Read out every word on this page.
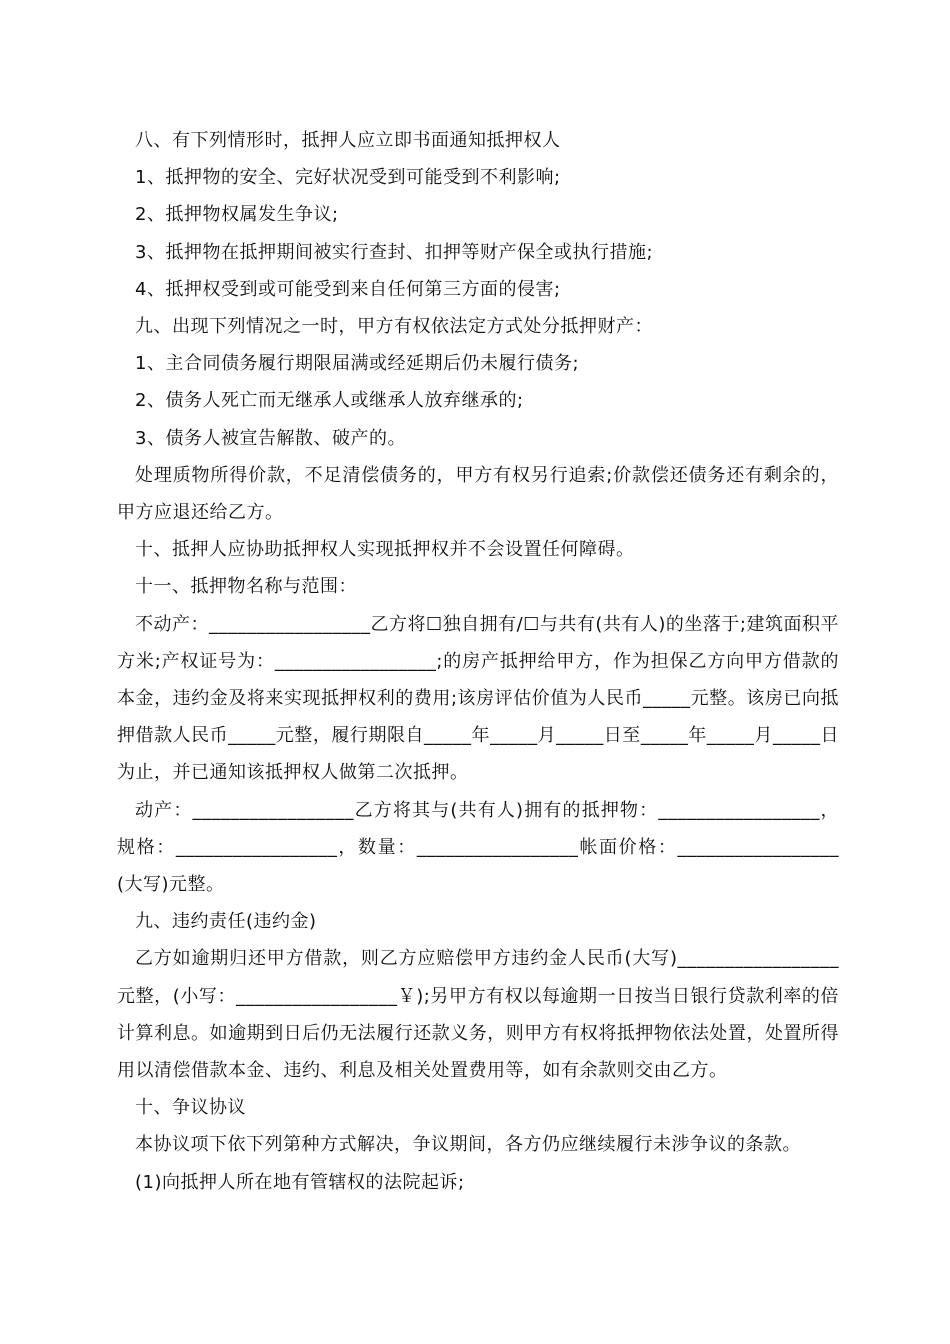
八、有下列情形时，抵押人应立即书面通知抵押权人

1、抵押物的安全、完好状况受到可能受到不利影响;

2、抵押物权属发生争议;

3、抵押物在抵押期间被实行查封、扣押等财产保全或执行措施;

4、抵押权受到或可能受到来自任何第三方面的侵害;

九、出现下列情况之一时，甲方有权依法定方式处分抵押财产：

1、主合同债务履行期限届满或经延期后仍未履行债务;

2、债务人死亡而无继承人或继承人放弃继承的;

3、债务人被宣告解散、破产的。

处理质物所得价款，不足清偿债务的，甲方有权另行追索;价款偿还债务还有剩余的，甲方应退还给乙方。

十、抵押人应协助抵押权人实现抵押权并不会设置任何障碍。

十一、抵押物名称与范围：

不动产：_________________乙方将☐独自拥有/☐与共有(共有人)的坐落于;建筑面积平方米;产权证号为：_________________;的房产抵押给甲方，作为担保乙方向甲方借款的本金，违约金及将来实现抵押权利的费用;该房评估价值为人民币_____元整。该房已向抵押借款人民币_____元整，履行期限自_____年_____月_____日至_____年_____月_____日为止，并已通知该抵押权人做第二次抵押。

动产：_________________乙方将其与(共有人)拥有的抵押物：_________________，规格：_________________，数量：_________________帐面价格：_________________(大写)元整。

九、违约责任(违约金)

乙方如逾期归还甲方借款，则乙方应赔偿甲方违约金人民币(大写)_________________元整，(小写：_________________￥);另甲方有权以每逾期一日按当日银行贷款利率的倍计算利息。如逾期到日后仍无法履行还款义务，则甲方有权将抵押物依法处置，处置所得用以清偿借款本金、违约、利息及相关处置费用等，如有余款则交由乙方。

十、争议协议

本协议项下依下列第种方式解决，争议期间，各方仍应继续履行未涉争议的条款。

(1)向抵押人所在地有管辖权的法院起诉;
